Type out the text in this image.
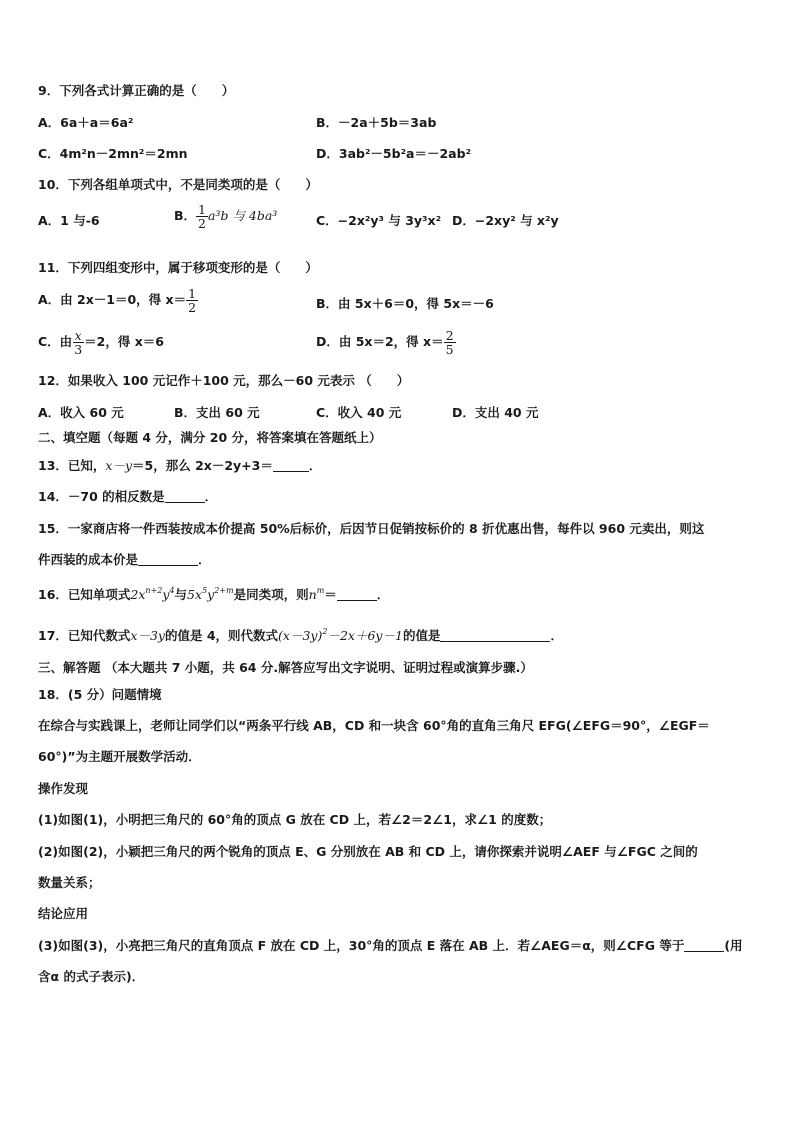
9．下列各式计算正确的是（　　）
A．6a＋a＝6a²	B．－2a＋5b＝3ab
C．4m²n－2mn²＝2mn	D．3ab²－5b²a＝－2ab²
10．下列各组单项式中，不是同类项的是（　　）
A．1 与-6	B． $\frac{1}{2} a^3b$ 与 4ba³	C．−2x²y³ 与 3y³x² D．−2xy² 与 x²y
11．下列四组变形中，属于移项变形的是（　　）
A．由 2x－1＝0，得 $x= \frac{1}{2}$	B．由 5x＋6＝0，得 5x＝－6
C．由 $\frac{x}{3} =2$，得 x＝6	D．由 5x＝2，得 $x= \frac{2}{5}$
12．如果收入 100 元记作＋100 元，那么－60 元表示 （　　）
A．收入 60 元	B．支出 60 元	C．收入 40 元	D．支出 40 元
二、填空题（每题 4 分，满分 20 分，将答案填在答题纸上）
13．已知，x－y＝5，那么 2x－2y+3＝	．
14．－70 的相反数是	．
15．一家商店将一件西装按成本价提高 50%后标价，后因节日促销按标价的 8 折优惠出售，每件以 960 元卖出，则这
件西装的成本价是	．
16．已知单项式$2x^{n+2}y^4$与$5x^5y^{2+m}$是同类项，则$n^m=$	．
17．已知代数式x－3y的值是 4，则代数式$(x-3y)^2-2x+6y-1$的值是	．
三、解答题 （本大题共 7 小题，共 64 分.解答应写出文字说明、证明过程或演算步骤.）
18．(5 分）问题情境
在综合与实践课上，老师让同学们以“两条平行线 AB，CD 和一块含 60°角的直角三角尺 EFG(∠EFG＝90°，∠EGF＝
60°)”为主题开展数学活动．
操作发现
(1)如图(1)，小明把三角尺的 60°角的顶点 G 放在 CD 上，若∠2＝2∠1，求∠1 的度数；
(2)如图(2)，小颖把三角尺的两个锐角的顶点 E、G 分别放在 AB 和 CD 上，请你探索并说明∠AEF 与∠FGC 之间的
数量关系；
结论应用
(3)如图(3)，小亮把三角尺的直角顶点 F 放在 CD 上，30°角的顶点 E 落在 AB 上．若∠AEG＝α，则∠CFG 等于	(用
含α 的式子表示)．
